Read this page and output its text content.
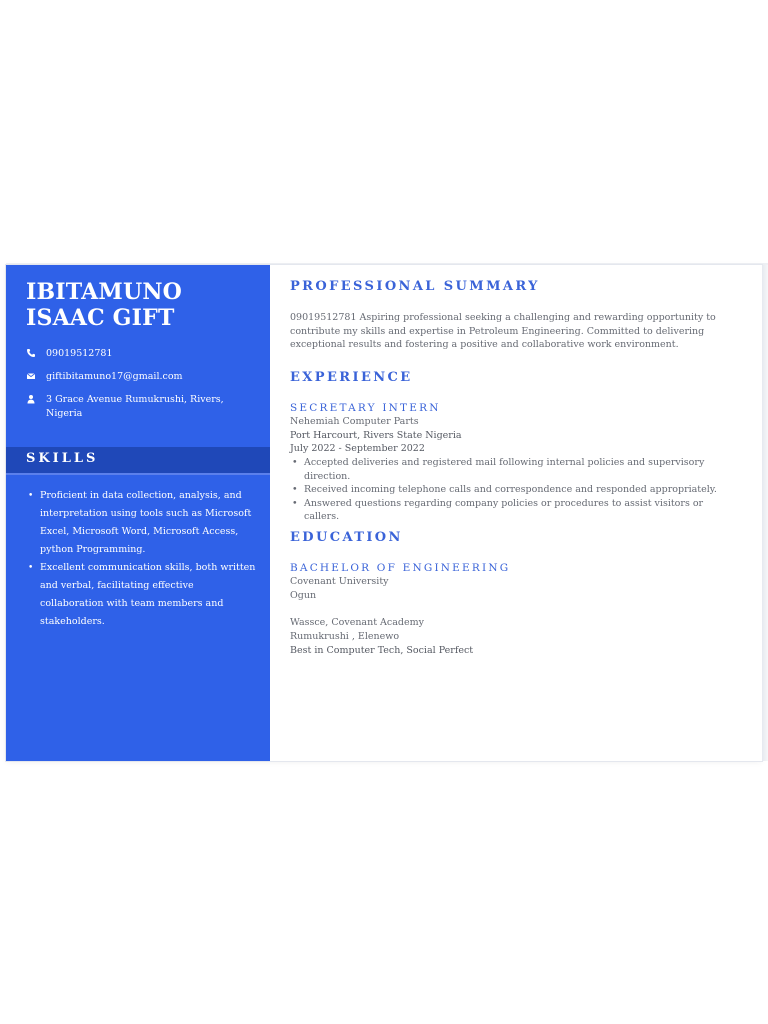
IBITAMUNO ISAAC GIFT
09019512781
giftibitamuno17@gmail.com
3 Grace Avenue Rumukrushi, Rivers, Nigeria
SKILLS
• Proficient in data collection, analysis, and interpretation using tools such as Microsoft Excel, Microsoft Word, Microsoft Access, python Programming.
• Excellent communication skills, both written and verbal, facilitating effective collaboration with team members and stakeholders.
PROFESSIONAL SUMMARY

09019512781 Aspiring professional seeking a challenging and rewarding opportunity to contribute my skills and expertise in Petroleum Engineering. Committed to delivering exceptional results and fostering a positive and collaborative work environment.

EXPERIENCE
SECRETARY INTERN
Nehemiah Computer Parts
Port Harcourt, Rivers State Nigeria
July 2022 - September 2022
• Accepted deliveries and registered mail following internal policies and supervisory direction.
• Received incoming telephone calls and correspondence and responded appropriately.
• Answered questions regarding company policies or procedures to assist visitors or callers.
EDUCATION
BACHELOR OF ENGINEERING
Covenant University
Ogun
Wassce, Covenant Academy
Rumukrushi , Elenewo
Best in Computer Tech, Social Perfect
